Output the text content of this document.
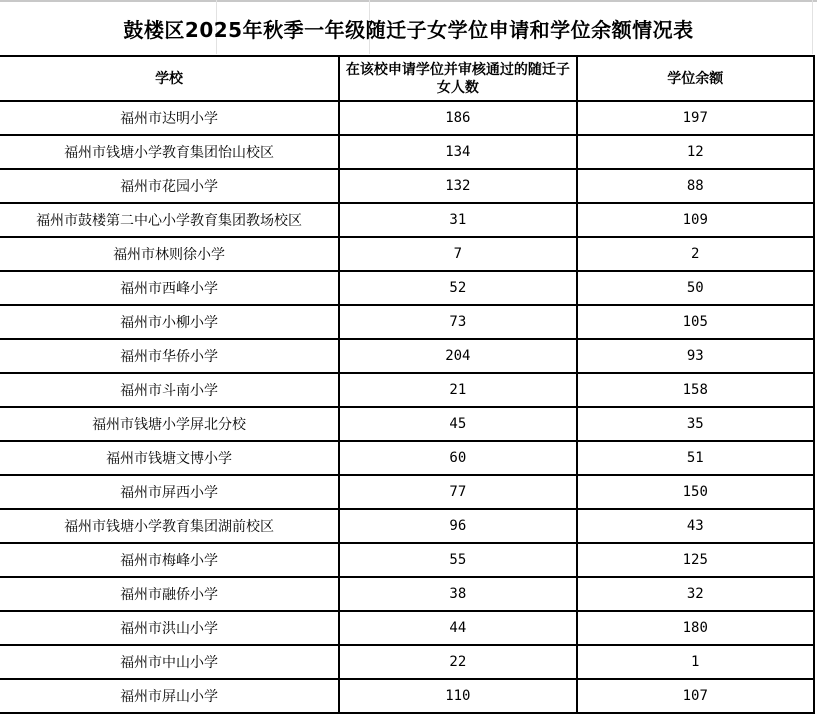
鼓楼区2025年秋季一年级随迁子女学位申请和学位余额情况表
学校	在该校申请学位并审核通过的随迁子女人数	学位余额
福州市达明小学	186	197
福州市钱塘小学教育集团怡山校区	134	12
福州市花园小学	132	88
福州市鼓楼第二中心小学教育集团教场校区	31	109
福州市林则徐小学	7	2
福州市西峰小学	52	50
福州市小柳小学	73	105
福州市华侨小学	204	93
福州市斗南小学	21	158
福州市钱塘小学屏北分校	45	35
福州市钱塘文博小学	60	51
福州市屏西小学	77	150
福州市钱塘小学教育集团湖前校区	96	43
福州市梅峰小学	55	125
福州市融侨小学	38	32
福州市洪山小学	44	180
福州市中山小学	22	1
福州市屏山小学	110	107
